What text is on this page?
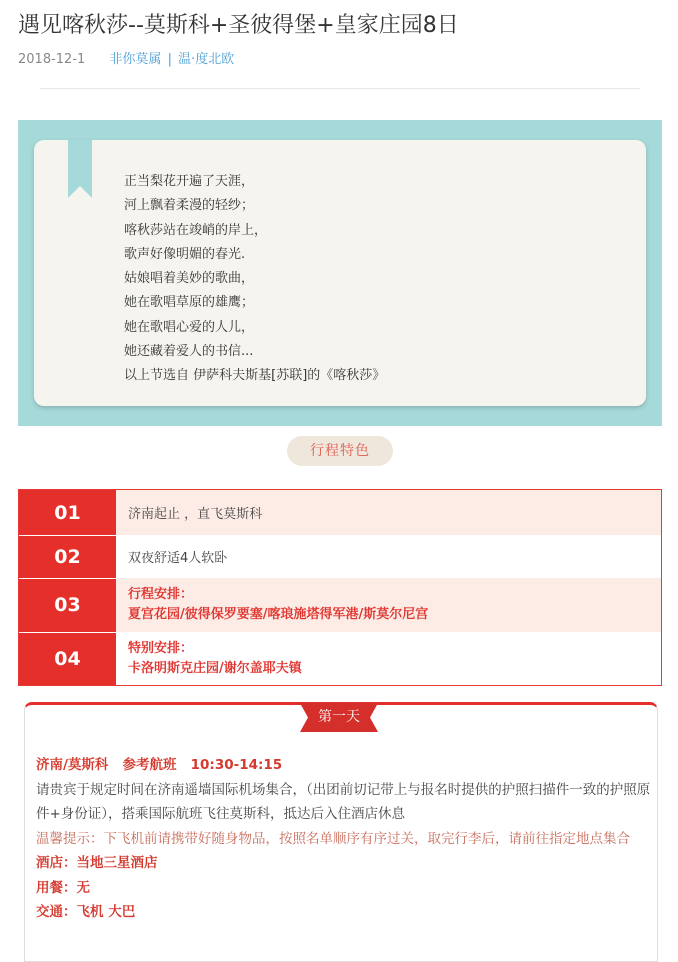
遇见喀秋莎--莫斯科+圣彼得堡+皇家庄园8日
2018-12-1 非你莫属 | 温·度北欧
正当梨花开遍了天涯，
河上飘着柔漫的轻纱；
喀秋莎站在竣峭的岸上，
歌声好像明媚的春光.
姑娘唱着美妙的歌曲，
她在歌唱草原的雄鹰；
她在歌唱心爱的人儿，
她还藏着爱人的书信...
以上节选自 伊萨科夫斯基[苏联]的《喀秋莎》
行程特色
01	济南起止 ，直飞莫斯科
02	双夜舒适4人软卧
03	行程安排：
夏宫花园/彼得保罗要塞/喀琅施塔得军港/斯莫尔尼宫
04	特别安排：
卡洛明斯克庄园/谢尔盖耶夫镇
第一天
济南/莫斯科   参考航班   10:30-14:15
请贵宾于规定时间在济南遥墙国际机场集合，（出团前切记带上与报名时提供的护照扫描件一致的护照原件+身份证），搭乘国际航班飞往莫斯科，抵达后入住酒店休息
温馨提示：下飞机前请携带好随身物品，按照名单顺序有序过关，取完行李后，请前往指定地点集合
酒店：当地三星酒店
用餐：无
交通：飞机 大巴
